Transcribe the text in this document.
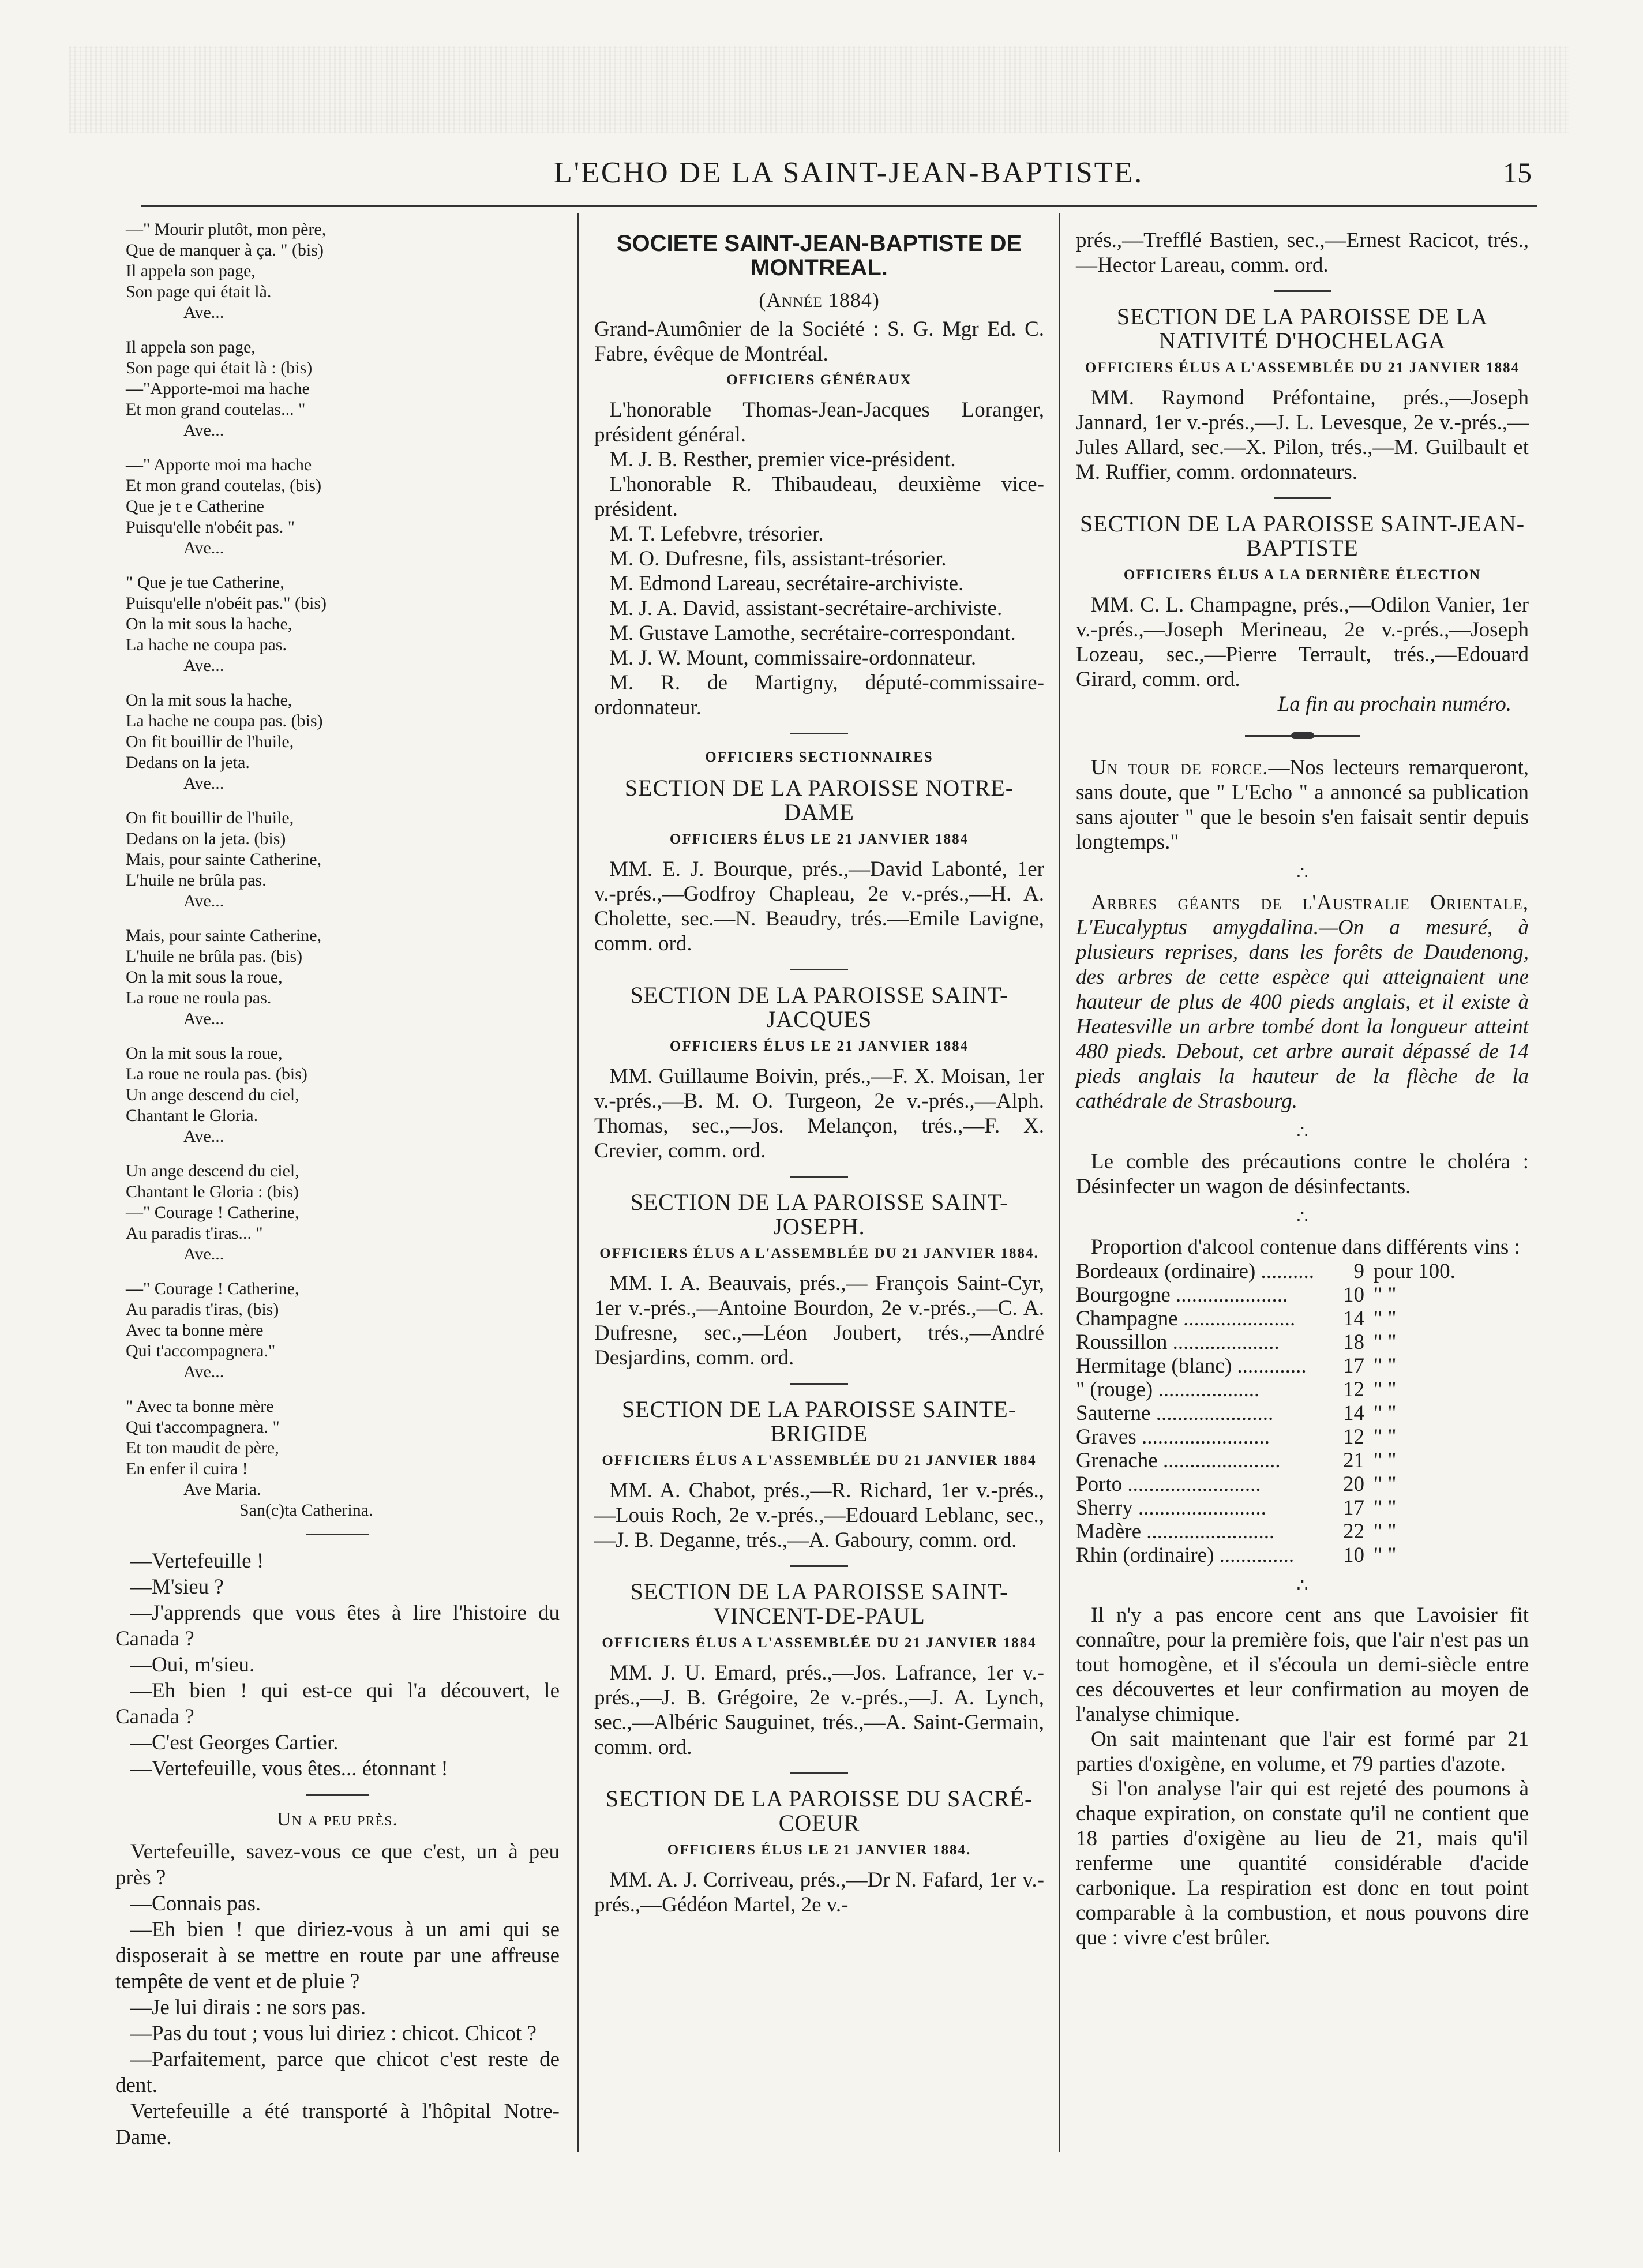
L'ECHO DE LA SAINT-JEAN-BAPTISTE.	15
—" Mourir plutôt, mon père,
Que de manquer à ça. " (bis)
Il appela son page,
Son page qui était là.
Ave...
Il appela son page,
Son page qui était là : (bis)
—"Apporte-moi ma hache
Et mon grand coutelas... "
Ave...
—" Apporte moi ma hache
Et mon grand coutelas, (bis)
Que je t e Catherine
Puisqu'elle n'obéit pas. "
Ave...
" Que je tue Catherine,
Puisqu'elle n'obéit pas." (bis)
On la mit sous la hache,
La hache ne coupa pas.
Ave...
On la mit sous la hache,
La hache ne coupa pas. (bis)
On fit bouillir de l'huile,
Dedans on la jeta.
Ave...
On fit bouillir de l'huile,
Dedans on la jeta. (bis)
Mais, pour sainte Catherine,
L'huile ne brûla pas.
Ave...
Mais, pour sainte Catherine,
L'huile ne brûla pas. (bis)
On la mit sous la roue,
La roue ne roula pas.
Ave...
On la mit sous la roue,
La roue ne roula pas. (bis)
Un ange descend du ciel,
Chantant le Gloria.
Ave...
Un ange descend du ciel,
Chantant le Gloria : (bis)
—" Courage ! Catherine,
Au paradis t'iras... "
Ave...
—" Courage ! Catherine,
Au paradis t'iras, (bis)
Avec ta bonne mère
Qui t'accompagnera."
Ave...
" Avec ta bonne mère
Qui t'accompagnera. "
Et ton maudit de père,
En enfer il cuira !
Ave Maria.
San(c)ta Catherina.

—Vertefeuille !

—M'sieu ?

—J'apprends que vous êtes à lire l'histoire du Canada ?

—Oui, m'sieu.

—Eh bien ! qui est-ce qui l'a découvert, le Canada ?

—C'est Georges Cartier.

—Vertefeuille, vous êtes... étonnant !

Un a peu près.

Vertefeuille, savez-vous ce que c'est, un à peu près ?

—Connais pas.

—Eh bien ! que diriez-vous à un ami qui se disposerait à se mettre en route par une affreuse tempête de vent et de pluie ?

—Je lui dirais : ne sors pas.

—Pas du tout ; vous lui diriez : chicot. Chicot ?

—Parfaitement, parce que chicot c'est reste de dent.

Vertefeuille a été transporté à l'hôpital Notre-Dame.

SOCIETE SAINT-JEAN-BAPTISTE DE MONTREAL.
(Année 1884)

Grand-Aumônier de la Société : S. G. Mgr Ed. C. Fabre, évêque de Montréal.

OFFICIERS GÉNÉRAUX

L'honorable Thomas-Jean-Jacques Loranger, président général.

M. J. B. Resther, premier vice-président.

L'honorable R. Thibaudeau, deuxième vice-président.

M. T. Lefebvre, trésorier.

M. O. Dufresne, fils, assistant-trésorier.

M. Edmond Lareau, secrétaire-archiviste.

M. J. A. David, assistant-secrétaire-archiviste.

M. Gustave Lamothe, secrétaire-correspondant.

M. J. W. Mount, commissaire-ordonnateur.

M. R. de Martigny, député-commissaire-ordonnateur.

OFFICIERS SECTIONNAIRES
SECTION DE LA PAROISSE NOTRE-DAME
OFFICIERS ÉLUS LE 21 JANVIER 1884

MM. E. J. Bourque, prés.,—David Labonté, 1er v.-prés.,—Godfroy Chapleau, 2e v.-prés.,—H. A. Cholette, sec.—N. Beaudry, trés.—Emile Lavigne, comm. ord.

SECTION DE LA PAROISSE SAINT-JACQUES
OFFICIERS ÉLUS LE 21 JANVIER 1884

MM. Guillaume Boivin, prés.,—F. X. Moisan, 1er v.-prés.,—B. M. O. Turgeon, 2e v.-prés.,—Alph. Thomas, sec.,—Jos. Melançon, trés.,—F. X. Crevier, comm. ord.

SECTION DE LA PAROISSE SAINT-JOSEPH.
OFFICIERS ÉLUS A L'ASSEMBLÉE DU 21 JANVIER 1884.

MM. I. A. Beauvais, prés.,— François Saint-Cyr, 1er v.-prés.,—Antoine Bourdon, 2e v.-prés.,—C. A. Dufresne, sec.,—Léon Joubert, trés.,—André Desjardins, comm. ord.

SECTION DE LA PAROISSE SAINTE-BRIGIDE
OFFICIERS ÉLUS A L'ASSEMBLÉE DU 21 JANVIER 1884

MM. A. Chabot, prés.,—R. Richard, 1er v.-prés.,—Louis Roch, 2e v.-prés.,—Edouard Leblanc, sec.,—J. B. Deganne, trés.,—A. Gaboury, comm. ord.

SECTION DE LA PAROISSE SAINT-VINCENT-DE-PAUL
OFFICIERS ÉLUS A L'ASSEMBLÉE DU 21 JANVIER 1884

MM. J. U. Emard, prés.,—Jos. Lafrance, 1er v.-prés.,—J. B. Grégoire, 2e v.-prés.,—J. A. Lynch, sec.,—Albéric Sauguinet, trés.,—A. Saint-Germain, comm. ord.

SECTION DE LA PAROISSE DU SACRÉ-COEUR
OFFICIERS ÉLUS LE 21 JANVIER 1884.

MM. A. J. Corriveau, prés.,—Dr N. Fafard, 1er v.-prés.,—Gédéon Martel, 2e v.-

prés.,—Trefflé Bastien, sec.,—Ernest Racicot, trés.,—Hector Lareau, comm. ord.

SECTION DE LA PAROISSE DE LA NATIVITÉ D'HOCHELAGA
OFFICIERS ÉLUS A L'ASSEMBLÉE DU 21 JANVIER 1884

MM. Raymond Préfontaine, prés.,—Joseph Jannard, 1er v.-prés.,—J. L. Levesque, 2e v.-prés.,—Jules Allard, sec.—X. Pilon, trés.,—M. Guilbault et M. Ruffier, comm. ordonnateurs.

SECTION DE LA PAROISSE SAINT-JEAN-BAPTISTE
OFFICIERS ÉLUS A LA DERNIÈRE ÉLECTION

MM. C. L. Champagne, prés.,—Odilon Vanier, 1er v.-prés.,—Joseph Merineau, 2e v.-prés.,—Joseph Lozeau, sec.,—Pierre Terrault, trés.,—Edouard Girard, comm. ord.

La fin au prochain numéro.

Un tour de force.—Nos lecteurs remarqueront, sans doute, que " L'Echo " a annoncé sa publication sans ajouter " que le besoin s'en faisait sentir depuis longtemps."

∴

Arbres géants de l'Australie Orientale, L'Eucalyptus amygdalina.—On a mesuré, à plusieurs reprises, dans les forêts de Daudenong, des arbres de cette espèce qui atteignaient une hauteur de plus de 400 pieds anglais, et il existe à Heatesville un arbre tombé dont la longueur atteint 480 pieds. Debout, cet arbre aurait dépassé de 14 pieds anglais la hauteur de la flèche de la cathédrale de Strasbourg.

∴

Le comble des précautions contre le choléra : Désinfecter un wagon de désinfectants.

∴

Proportion d'alcool contenue dans différents vins :

Bordeaux (ordinaire) ..........	9	pour 100.
Bourgogne .....................	10	" "
Champagne .....................	14	" "
Roussillon ....................	18	" "
Hermitage (blanc) .............	17	" "
" (rouge) ...................	12	" "
Sauterne ......................	14	" "
Graves ........................	12	" "
Grenache ......................	21	" "
Porto .........................	20	" "
Sherry ........................	17	" "
Madère ........................	22	" "
Rhin (ordinaire) ..............	10	" "
∴

Il n'y a pas encore cent ans que Lavoisier fit connaître, pour la première fois, que l'air n'est pas un tout homogène, et il s'écoula un demi-siècle entre ces découvertes et leur confirmation au moyen de l'analyse chimique.

On sait maintenant que l'air est formé par 21 parties d'oxigène, en volume, et 79 parties d'azote.

Si l'on analyse l'air qui est rejeté des poumons à chaque expiration, on constate qu'il ne contient que 18 parties d'oxigène au lieu de 21, mais qu'il renferme une quantité considérable d'acide carbonique. La respiration est donc en tout point comparable à la combustion, et nous pouvons dire que : vivre c'est brûler.
